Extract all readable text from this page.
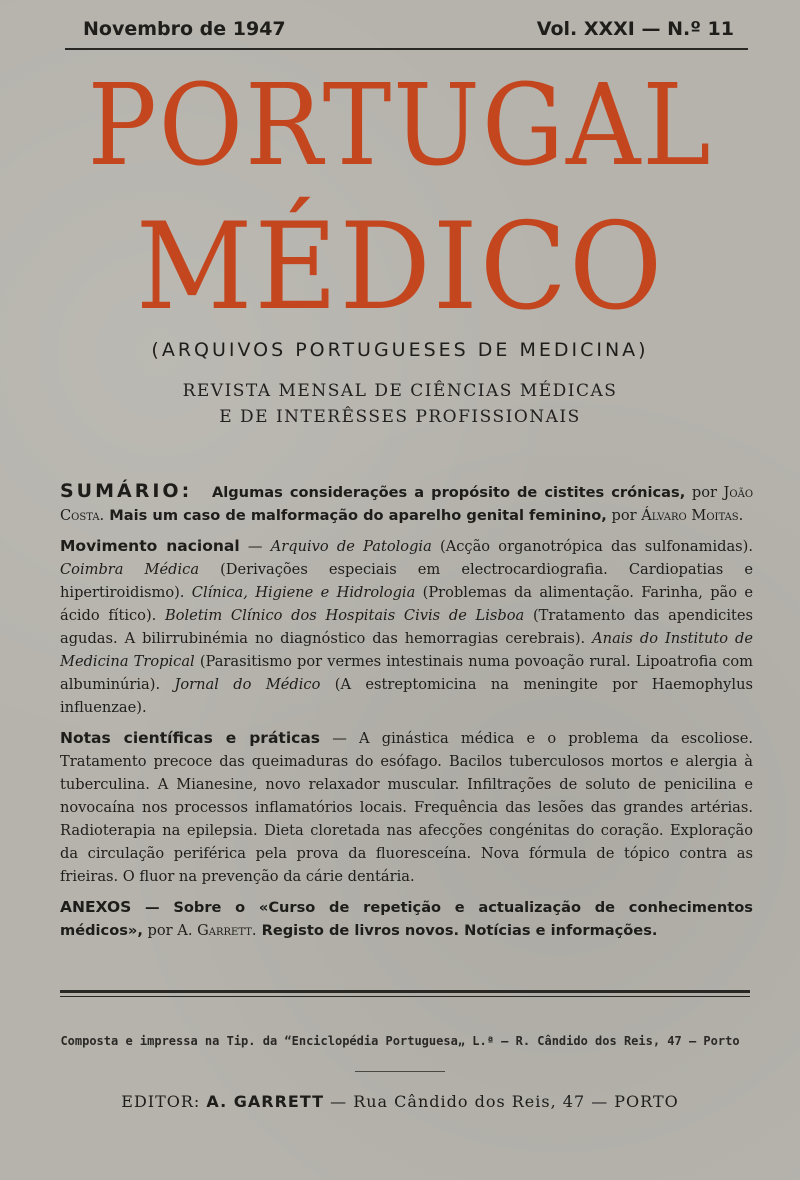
Novembro de 1947	Vol. XXXI — N.º 11
PORTUGAL
MÉDICO
(ARQUIVOS PORTUGUESES DE MEDICINA)
REVISTA MENSAL DE CIÊNCIAS MÉDICAS
E DE INTERÊSSES PROFISSIONAIS

SUMÁRIO: Algumas considerações a propósito de cistites crónicas, por João Costa. Mais um caso de malformação do aparelho genital feminino, por Álvaro Moitas.

Movimento nacional — Arquivo de Patologia (Acção organotrópica das sulfonamidas). Coimbra Médica (Derivações especiais em electrocardiografia. Cardiopatias e hipertiroidismo). Clínica, Higiene e Hidrologia (Problemas da alimentação. Farinha, pão e ácido fítico). Boletim Clínico dos Hospitais Civis de Lisboa (Tratamento das apendicites agudas. A bilirrubinémia no diagnóstico das hemorragias cerebrais). Anais do Instituto de Medicina Tropical (Parasitismo por vermes intestinais numa povoação rural. Lipoatrofia com albuminúria). Jornal do Médico (A estreptomicina na meningite por Haemophylus influenzae).

Notas científicas e práticas — A ginástica médica e o problema da escoliose. Tratamento precoce das queimaduras do esófago. Bacilos tuberculosos mortos e alergia à tuberculina. A Mianesine, novo relaxador muscular. Infiltrações de soluto de penicilina e novocaína nos processos inflamatórios locais. Frequência das lesões das grandes artérias. Radioterapia na epilepsia. Dieta cloretada nas afecções congénitas do coração. Exploração da circulação periférica pela prova da fluoresceína. Nova fórmula de tópico contra as frieiras. O fluor na prevenção da cárie dentária.

ANEXOS — Sobre o «Curso de repetição e actualização de conhecimentos médicos», por A. Garrett. Registo de livros novos. Notícias e informações.

Composta e impressa na Tip. da “Enciclopédia Portuguesa„ L.ª — R. Cândido dos Reis, 47 — Porto
EDITOR: A. GARRETT — Rua Cândido dos Reis, 47 — PORTO
